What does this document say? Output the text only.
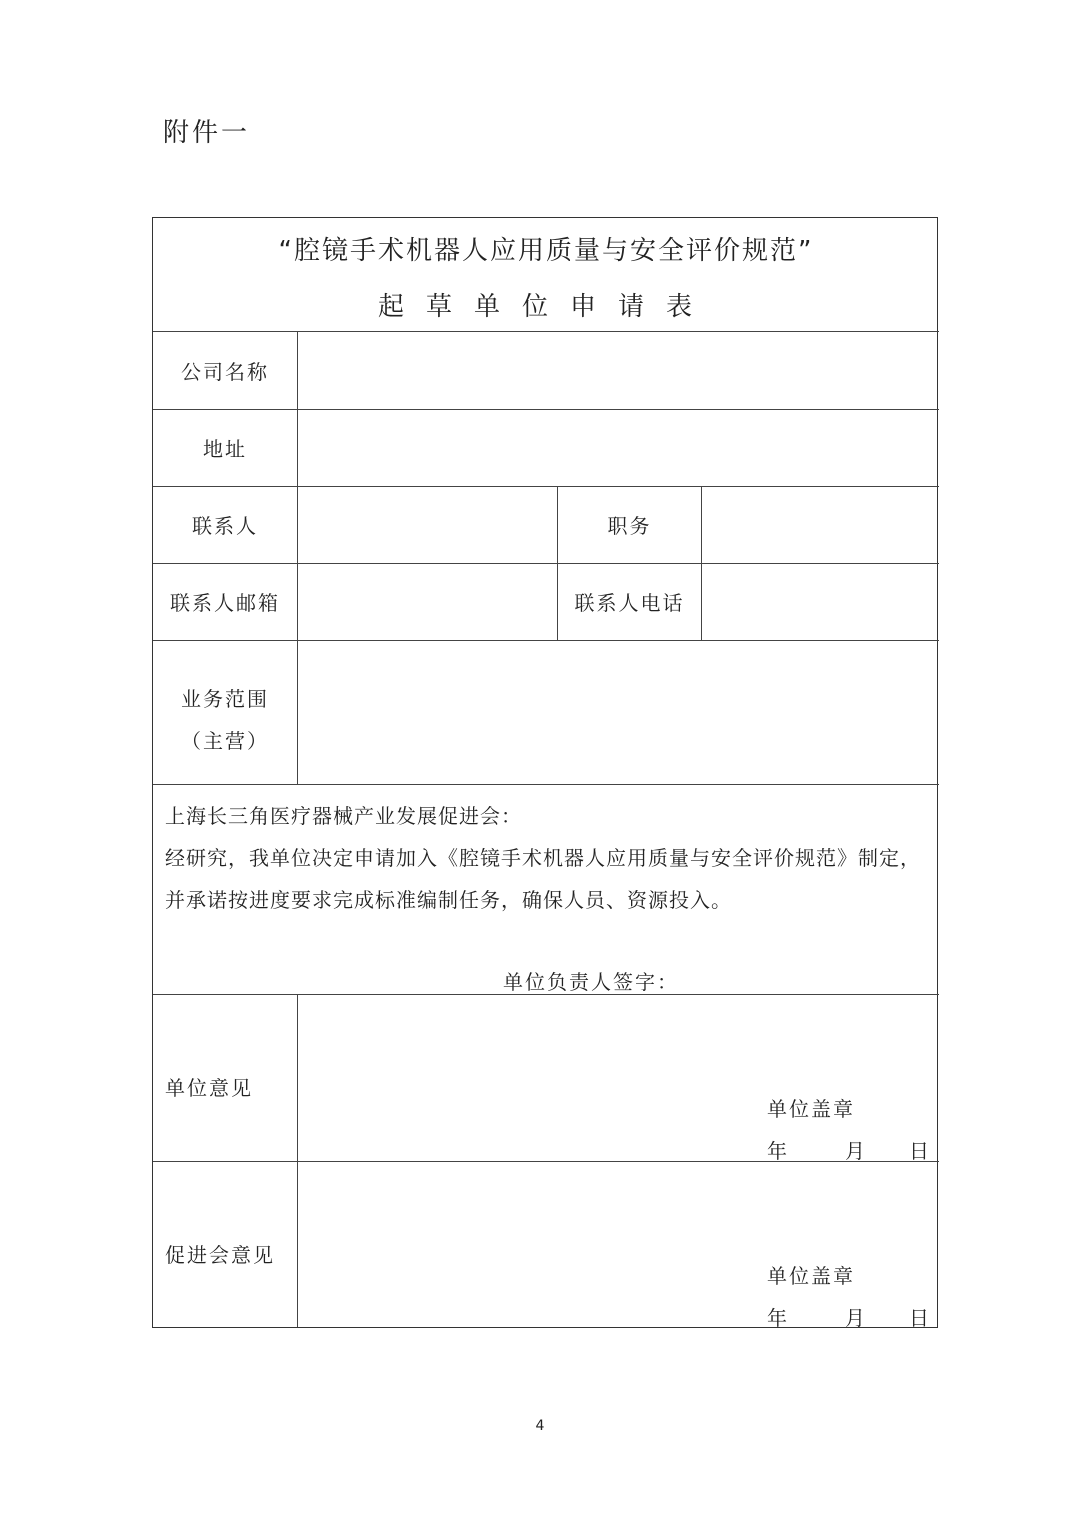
附件一
“腔镜手术机器人应用质量与安全评价规范”
起草单位申请表
公司名称
地址
联系人	职务
联系人邮箱	联系人电话
业务范围
（主营）
上海长三角医疗器械产业发展促进会：
经研究，我单位决定申请加入《腔镜手术机器人应用质量与安全评价规范》制定，
并承诺按进度要求完成标准编制任务，确保人员、资源投入。
单位负责人签字：
单位意见
单位盖章
年	月 日
促进会意见
单位盖章
年	月 日
4
